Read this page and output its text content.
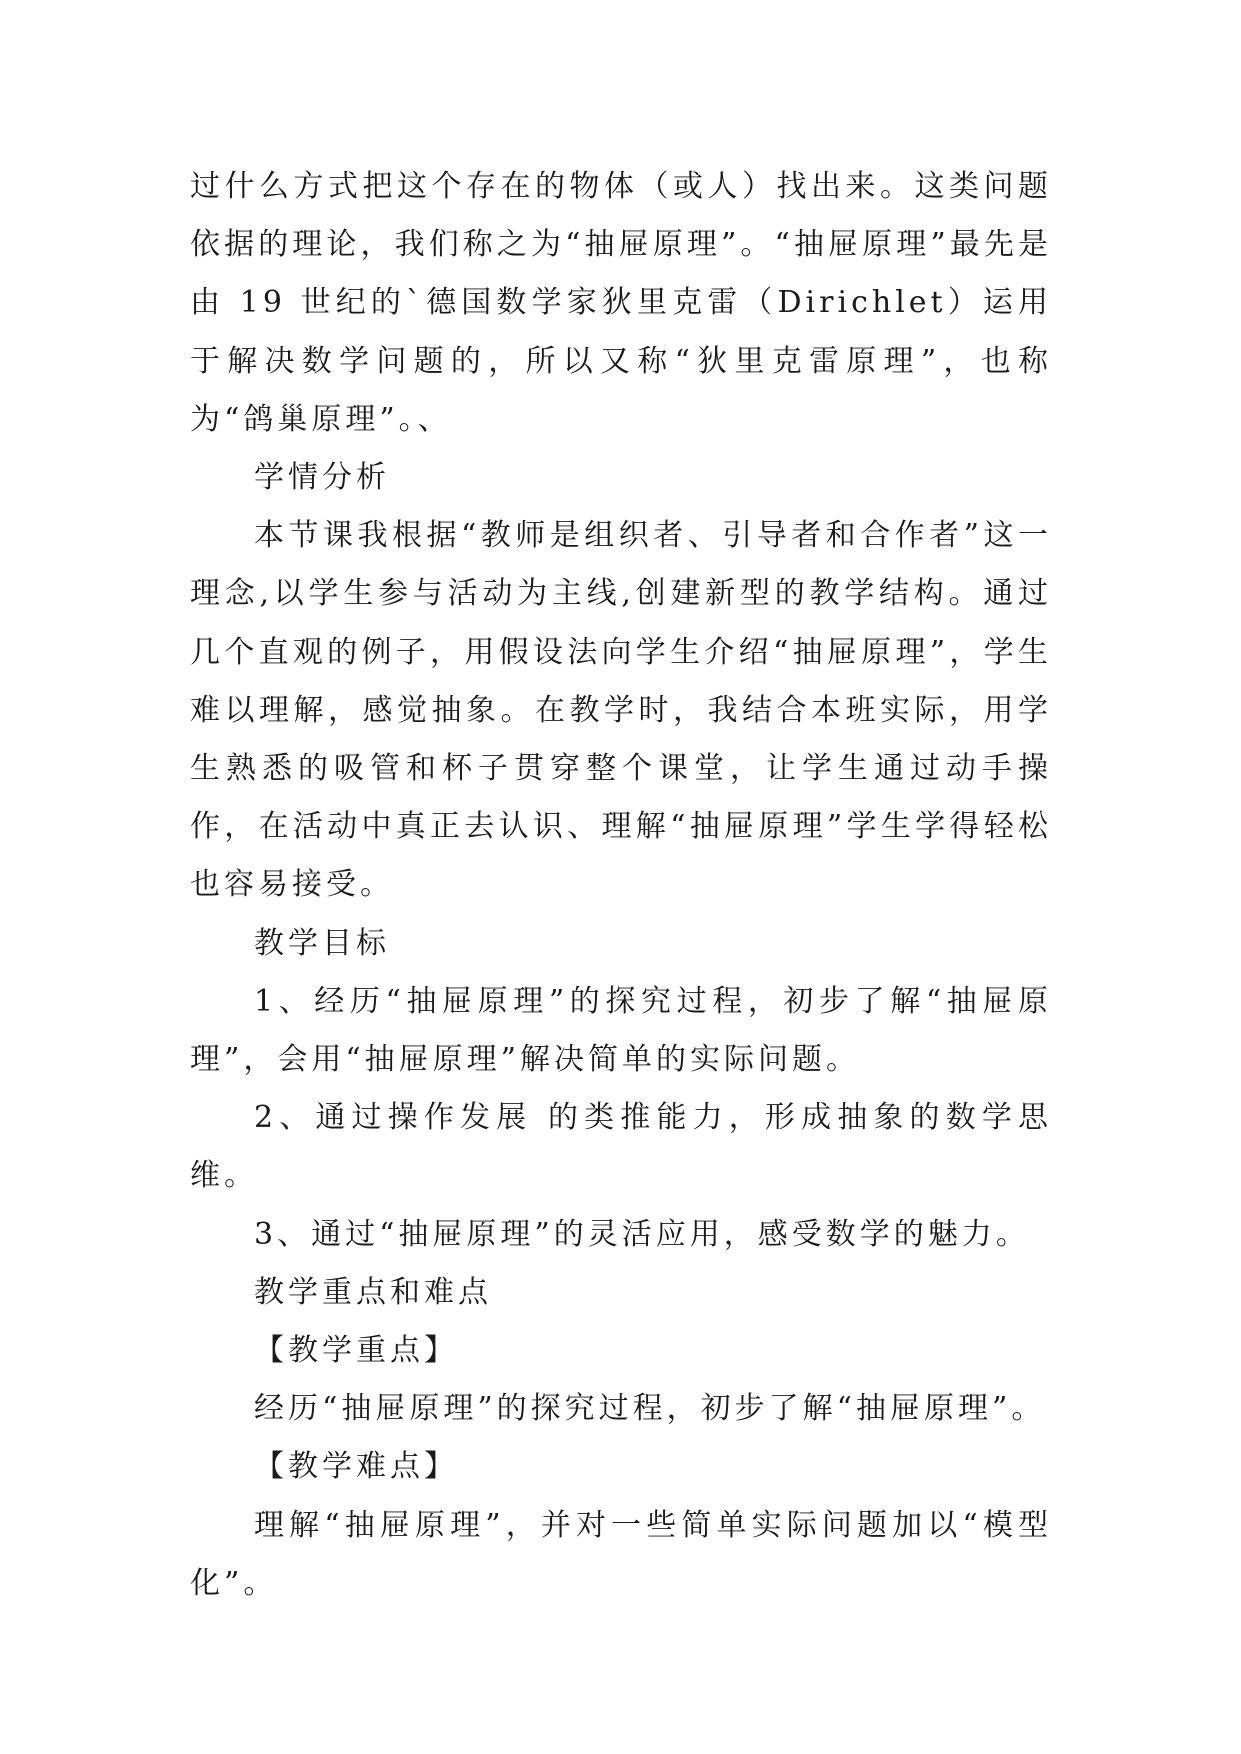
过什么方式把这个存在的物体（或人）找出来。这类问题依据的理论，我们称之为“抽屉原理”。“抽屉原理”最先是由 19 世纪的`德国数学家狄里克雷（Dirichlet）运用于解决数学问题的，所以又称“狄里克雷原理”，也称为“鸽巢原理”。、

学情分析

本节课我根据“教师是组织者、引导者和合作者”这一理念,以学生参与活动为主线,创建新型的教学结构。通过几个直观的例子，用假设法向学生介绍“抽屉原理”，学生难以理解，感觉抽象。在教学时，我结合本班实际，用学生熟悉的吸管和杯子贯穿整个课堂，让学生通过动手操作，在活动中真正去认识、理解“抽屉原理”学生学得轻松也容易接受。

教学目标

1、经历“抽屉原理”的探究过程，初步了解“抽屉原理”，会用“抽屉原理”解决简单的实际问题。

2、通过操作发展 的类推能力，形成抽象的数学思维。

3、通过“抽屉原理”的灵活应用，感受数学的魅力。

教学重点和难点

【教学重点】

经历“抽屉原理”的探究过程，初步了解“抽屉原理”。

【教学难点】

理解“抽屉原理”，并对一些简单实际问题加以“模型化”。
